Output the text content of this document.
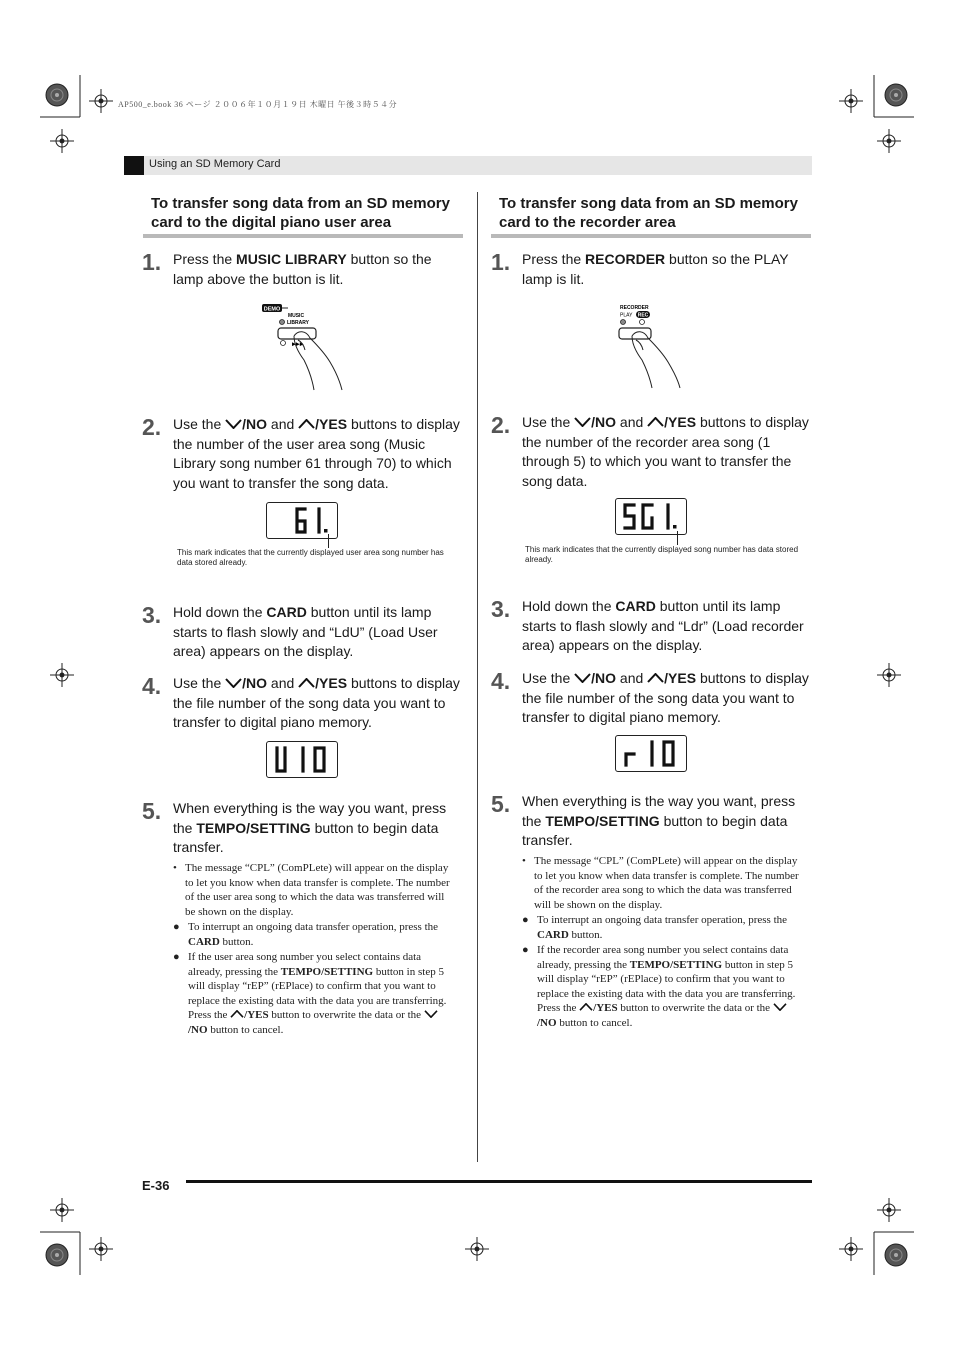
AP500_e.book 36 ページ ２００６年１０月１９日 木曜日 午後３時５４分
Using an SD Memory Card
To transfer song data from an SD memory card to the digital piano user area
1. Press the MUSIC LIBRARY button so the lamp above the button is lit.
DEMO
MUSIC
LIBRARY
▶▶▶
2. Use the /NO and /YES buttons to display the number of the user area song (Music Library song number 61 through 70) to which you want to transfer the song data.
This mark indicates that the currently displayed user area song number has data stored already.
3. Hold down the CARD button until its lamp starts to flash slowly and “LdU” (Load User area) appears on the display.
4. Use the /NO and /YES buttons to display the file number of the song data you want to transfer to digital piano memory.
5. When everything is the way you want, press the TEMPO/SETTING button to begin data transfer.
• The message “CPL” (ComPLete) will appear on the display to let you know when data transfer is complete. The number of the user area song to which the data was transferred will be shown on the display.
● To interrupt an ongoing data transfer operation, press the CARD button.
● If the user area song number you select contains data already, pressing the TEMPO/SETTING button in step 5 will display “rEP” (rEPlace) to confirm that you want to replace the existing data with the data you are transferring. Press the /YES button to overwrite the data or the /NO button to cancel.
To transfer song data from an SD memory card to the recorder area
1. Press the RECORDER button so the PLAY lamp is lit.
RECORDER
PLAY REC
2. Use the /NO and /YES buttons to display the number of the recorder area song (1 through 5) to which you want to transfer the song data.
This mark indicates that the currently displayed song number has data stored already.
3. Hold down the CARD button until its lamp starts to flash slowly and “Ldr” (Load recorder area) appears on the display.
4. Use the /NO and /YES buttons to display the file number of the song data you want to transfer to digital piano memory.
5. When everything is the way you want, press the TEMPO/SETTING button to begin data transfer.
• The message “CPL” (ComPLete) will appear on the display to let you know when data transfer is complete. The number of the recorder area song to which the data was transferred will be shown on the display.
● To interrupt an ongoing data transfer operation, press the CARD button.
● If the recorder area song number you select contains data already, pressing the TEMPO/SETTING button in step 5 will display “rEP” (rEPlace) to confirm that you want to replace the existing data with the data you are transferring. Press the /YES button to overwrite the data or the /NO button to cancel.
E-36
